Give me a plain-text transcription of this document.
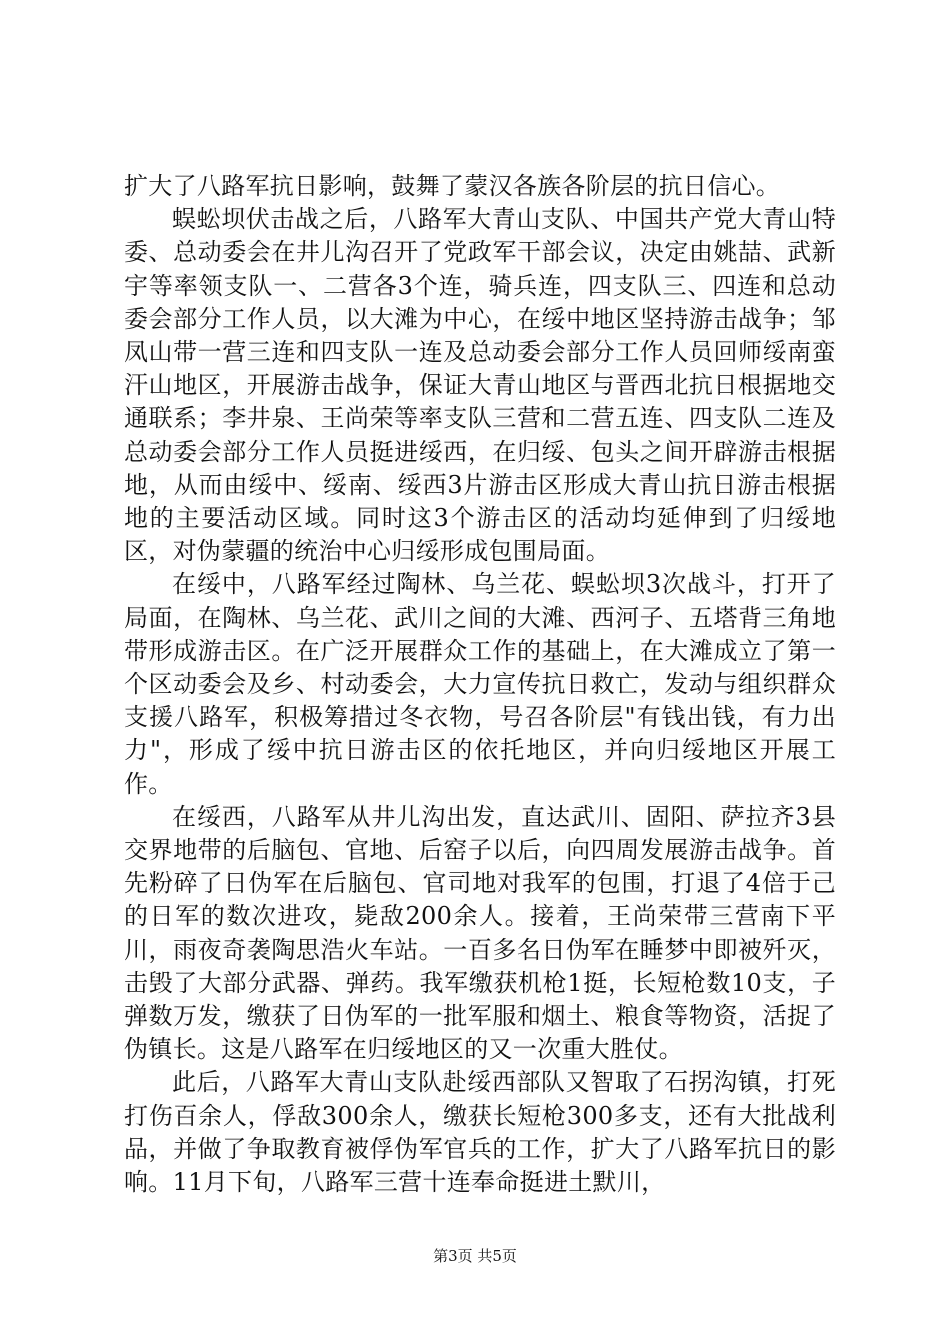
扩大了八路军抗日影响，鼓舞了蒙汉各族各阶层的抗日信心。

蜈蚣坝伏击战之后，八路军大青山支队、中国共产党大青山特委、总动委会在井儿沟召开了党政军干部会议，决定由姚喆、武新宇等率领支队一、二营各3个连，骑兵连，四支队三、四连和总动委会部分工作人员，以大滩为中心，在绥中地区坚持游击战争；邹凤山带一营三连和四支队一连及总动委会部分工作人员回师绥南蛮汗山地区，开展游击战争，保证大青山地区与晋西北抗日根据地交通联系；李井泉、王尚荣等率支队三营和二营五连、四支队二连及总动委会部分工作人员挺进绥西，在归绥、包头之间开辟游击根据地，从而由绥中、绥南、绥西3片游击区形成大青山抗日游击根据地的主要活动区域。同时这3个游击区的活动均延伸到了归绥地区，对伪蒙疆的统治中心归绥形成包围局面。

在绥中，八路军经过陶林、乌兰花、蜈蚣坝3次战斗，打开了局面，在陶林、乌兰花、武川之间的大滩、西河子、五塔背三角地带形成游击区。在广泛开展群众工作的基础上，在大滩成立了第一个区动委会及乡、村动委会，大力宣传抗日救亡，发动与组织群众支援八路军，积极筹措过冬衣物，号召各阶层"有钱出钱，有力出力"，形成了绥中抗日游击区的依托地区，并向归绥地区开展工作。

在绥西，八路军从井儿沟出发，直达武川、固阳、萨拉齐3县交界地带的后脑包、官地、后窑子以后，向四周发展游击战争。首先粉碎了日伪军在后脑包、官司地对我军的包围，打退了4倍于己的日军的数次进攻，毙敌200余人。接着，王尚荣带三营南下平川，雨夜奇袭陶思浩火车站。一百多名日伪军在睡梦中即被歼灭，击毁了大部分武器、弹药。我军缴获机枪1挺，长短枪数10支，子弹数万发，缴获了日伪军的一批军服和烟土、粮食等物资，活捉了伪镇长。这是八路军在归绥地区的又一次重大胜仗。

此后，八路军大青山支队赴绥西部队又智取了石拐沟镇，打死打伤百余人，俘敌300余人，缴获长短枪300多支，还有大批战利品，并做了争取教育被俘伪军官兵的工作，扩大了八路军抗日的影响。11月下旬，八路军三营十连奉命挺进土默川，

第3页 共5页
